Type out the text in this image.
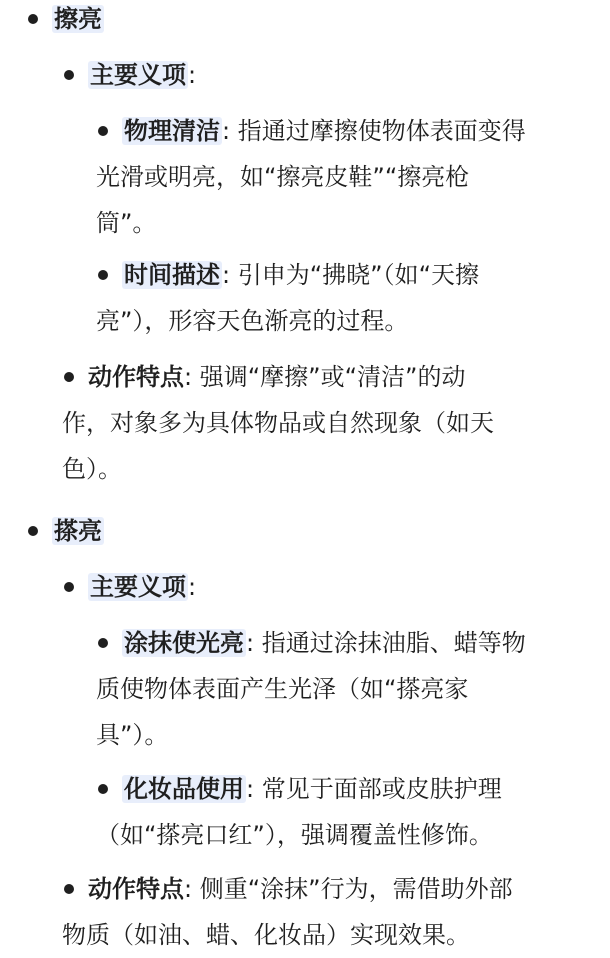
擦亮
主要义项:
物理清洁: 指通过摩擦使物体表面变得
光滑或明亮，如“擦亮皮鞋”“擦亮枪
筒”。
时间描述: 引申为“拂晓”（如“天擦
亮”），形容天色渐亮的过程。
动作特点: 强调“摩擦”或“清洁”的动
作，对象多为具体物品或自然现象（如天
色）。
搽亮
主要义项:
涂抹使光亮: 指通过涂抹油脂、蜡等物
质使物体表面产生光泽（如“搽亮家
具”）。
化妆品使用: 常见于面部或皮肤护理
（如“搽亮口红”），强调覆盖性修饰。
动作特点: 侧重“涂抹”行为，需借助外部
物质（如油、蜡、化妆品）实现效果。
